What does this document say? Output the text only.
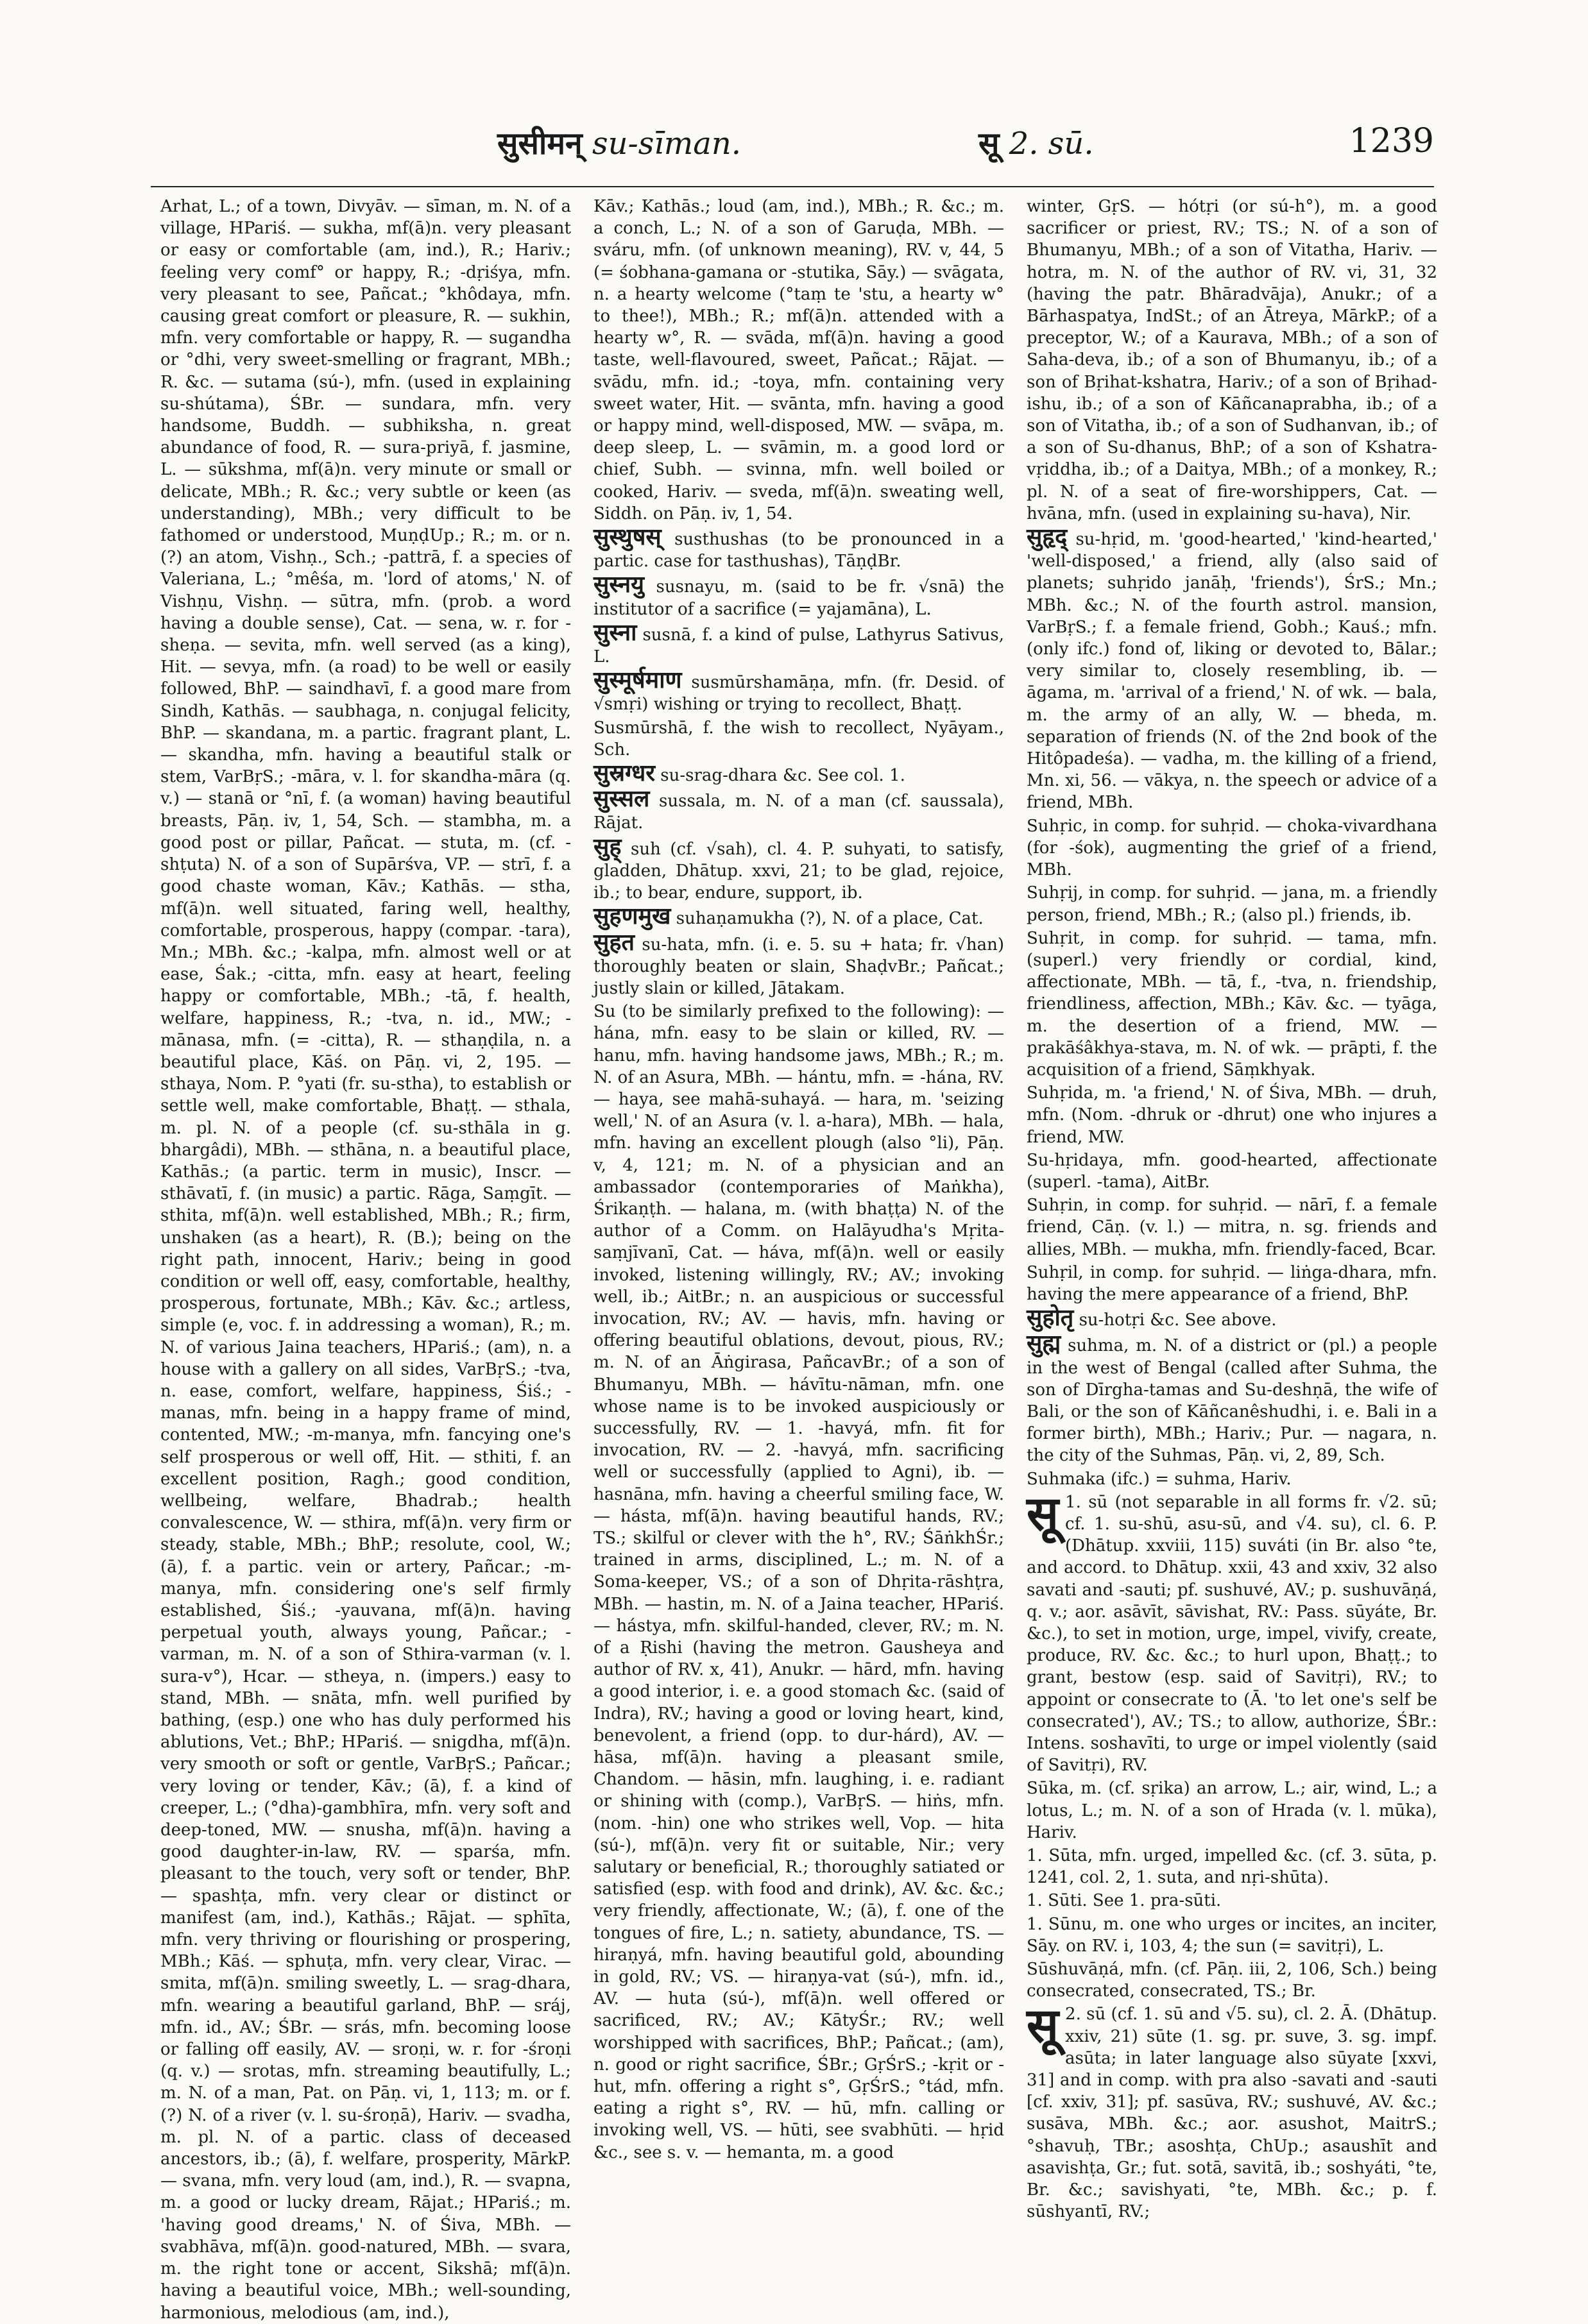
सुसीमन् su-sīman.	सू 2. sū.	1239

Arhat, L.; of a town, Divyāv. — sīman, m. N. of a village, HPariś. — sukha, mf(ā)n. very pleasant or easy or comfortable (am, ind.), R.; Hariv.; feeling very comf° or happy, R.; -dṛiśya, mfn. very pleasant to see, Pañcat.; °khôdaya, mfn. causing great comfort or pleasure, R. — sukhin, mfn. very comfortable or happy, R. — sugandha or °dhi, very sweet-smelling or fragrant, MBh.; R. &c. — sutama (sú-), mfn. (used in explaining su-shútama), ŚBr. — sundara, mfn. very handsome, Buddh. — subhiksha, n. great abundance of food, R. — sura-priyā, f. jasmine, L. — sūkshma, mf(ā)n. very minute or small or delicate, MBh.; R. &c.; very subtle or keen (as understanding), MBh.; very difficult to be fathomed or understood, MuṇḍUp.; R.; m. or n.(?) an atom, Vishṇ., Sch.; -pattrā, f. a species of Valeriana, L.; °mêśa, m. 'lord of atoms,' N. of Vishṇu, Vishṇ. — sūtra, mfn. (prob. a word having a double sense), Cat. — sena, w. r. for -sheṇa. — sevita, mfn. well served (as a king), Hit. — sevya, mfn. (a road) to be well or easily followed, BhP. — saindhavī, f. a good mare from Sindh, Kathās. — saubhaga, n. conjugal felicity, BhP. — skandana, m. a partic. fragrant plant, L. — skandha, mfn. having a beautiful stalk or stem, VarBṛS.; -māra, v. l. for skandha-māra (q. v.) — stanā or °nī, f. (a woman) having beautiful breasts, Pāṇ. iv, 1, 54, Sch. — stambha, m. a good post or pillar, Pañcat. — stuta, m. (cf. -shṭuta) N. of a son of Supārśva, VP. — strī, f. a good chaste woman, Kāv.; Kathās. — stha, mf(ā)n. well situated, faring well, healthy, comfortable, prosperous, happy (compar. -tara), Mn.; MBh. &c.; -kalpa, mfn. almost well or at ease, Śak.; -citta, mfn. easy at heart, feeling happy or comfortable, MBh.; -tā, f. health, welfare, happiness, R.; -tva, n. id., MW.; -mānasa, mfn. (= -citta), R. — sthaṇḍila, n. a beautiful place, Kāś. on Pāṇ. vi, 2, 195. — sthaya, Nom. P. °yati (fr. su-stha), to establish or settle well, make comfortable, Bhaṭṭ. — sthala, m. pl. N. of a people (cf. su-sthāla in g. bhargâdi), MBh. — sthāna, n. a beautiful place, Kathās.; (a partic. term in music), Inscr. — sthāvatī, f. (in music) a partic. Rāga, Saṃgīt. — sthita, mf(ā)n. well established, MBh.; R.; firm, unshaken (as a heart), R. (B.); being on the right path, innocent, Hariv.; being in good condition or well off, easy, comfortable, healthy, prosperous, fortunate, MBh.; Kāv. &c.; artless, simple (e, voc. f. in addressing a woman), R.; m. N. of various Jaina teachers, HPariś.; (am), n. a house with a gallery on all sides, VarBṛS.; -tva, n. ease, comfort, welfare, happiness, Śiś.; -manas, mfn. being in a happy frame of mind, contented, MW.; -m-manya, mfn. fancying one's self prosperous or well off, Hit. — sthiti, f. an excellent position, Ragh.; good condition, wellbeing, welfare, Bhadrab.; health convalescence, W. — sthira, mf(ā)n. very firm or steady, stable, MBh.; BhP.; resolute, cool, W.; (ā), f. a partic. vein or artery, Pañcar.; -m-manya, mfn. considering one's self firmly established, Śiś.; -yauvana, mf(ā)n. having perpetual youth, always young, Pañcar.; -varman, m. N. of a son of Sthira-varman (v. l. sura-v°), Hcar. — stheya, n. (impers.) easy to stand, MBh. — snāta, mfn. well purified by bathing, (esp.) one who has duly performed his ablutions, Vet.; BhP.; HPariś. — snigdha, mf(ā)n. very smooth or soft or gentle, VarBṛS.; Pañcar.; very loving or tender, Kāv.; (ā), f. a kind of creeper, L.; (°dha)-gambhīra, mfn. very soft and deep-toned, MW. — snusha, mf(ā)n. having a good daughter-in-law, RV. — sparśa, mfn. pleasant to the touch, very soft or tender, BhP. — spashṭa, mfn. very clear or distinct or manifest (am, ind.), Kathās.; Rājat. — sphīta, mfn. very thriving or flourishing or prospering, MBh.; Kāś. — sphuṭa, mfn. very clear, Virac. — smita, mf(ā)n. smiling sweetly, L. — srag-dhara, mfn. wearing a beautiful garland, BhP. — sráj, mfn. id., AV.; ŚBr. — srás, mfn. becoming loose or falling off easily, AV. — sroṇi, w. r. for -śroṇi (q. v.) — srotas, mfn. streaming beautifully, L.; m. N. of a man, Pat. on Pāṇ. vi, 1, 113; m. or f. (?) N. of a river (v. l. su-śroṇā), Hariv. — svadha, m. pl. N. of a partic. class of deceased ancestors, ib.; (ā), f. welfare, prosperity, MārkP. — svana, mfn. very loud (am, ind.), R. — svapna, m. a good or lucky dream, Rājat.; HPariś.; m. 'having good dreams,' N. of Śiva, MBh. — svabhāva, mf(ā)n. good-natured, MBh. — svara, m. the right tone or accent, Sikshā; mf(ā)n. having a beautiful voice, MBh.; well-sounding, harmonious, melodious (am, ind.),

Kāv.; Kathās.; loud (am, ind.), MBh.; R. &c.; m. a conch, L.; N. of a son of Garuḍa, MBh. — sváru, mfn. (of unknown meaning), RV. v, 44, 5 (= śobhana-gamana or -stutika, Sāy.) — svāgata, n. a hearty welcome (°taṃ te 'stu, a hearty w° to thee!), MBh.; R.; mf(ā)n. attended with a hearty w°, R. — svāda, mf(ā)n. having a good taste, well-flavoured, sweet, Pañcat.; Rājat. — svādu, mfn. id.; -toya, mfn. containing very sweet water, Hit. — svānta, mfn. having a good or happy mind, well-disposed, MW. — svāpa, m. deep sleep, L. — svāmin, m. a good lord or chief, Subh. — svinna, mfn. well boiled or cooked, Hariv. — sveda, mf(ā)n. sweating well, Siddh. on Pāṇ. iv, 1, 54.

सुस्थुषस् susthushas (to be pronounced in a partic. case for tasthushas), TāṇḍBr.

सुस्नयु susnayu, m. (said to be fr. √snā) the institutor of a sacrifice (= yajamāna), L.

सुस्ना susnā, f. a kind of pulse, Lathyrus Sativus, L.

सुस्मूर्षमाण susmūrshamāṇa, mfn. (fr. Desid. of √smṛi) wishing or trying to recollect, Bhaṭṭ.

Susmūrshā, f. the wish to recollect, Nyāyam., Sch.

सुस्रग्धर su-srag-dhara &c. See col. 1.

सुस्सल sussala, m. N. of a man (cf. saussala), Rājat.

सुह् suh (cf. √sah), cl. 4. P. suhyati, to satisfy, gladden, Dhātup. xxvi, 21; to be glad, rejoice, ib.; to bear, endure, support, ib.

सुहणमुख suhaṇamukha (?), N. of a place, Cat.

सुहत su-hata, mfn. (i. e. 5. su + hata; fr. √han) thoroughly beaten or slain, ShaḍvBr.; Pañcat.; justly slain or killed, Jātakam.

Su (to be similarly prefixed to the following): — hána, mfn. easy to be slain or killed, RV. — hanu, mfn. having handsome jaws, MBh.; R.; m. N. of an Asura, MBh. — hántu, mfn. = -hána, RV. — haya, see mahā-suhayá. — hara, m. 'seizing well,' N. of an Asura (v. l. a-hara), MBh. — hala, mfn. having an excellent plough (also °li), Pāṇ. v, 4, 121; m. N. of a physician and an ambassador (contemporaries of Maṅkha), Śrikaṇṭh. — halana, m. (with bhaṭṭa) N. of the author of a Comm. on Halāyudha's Mṛita-saṃjīvanī, Cat. — háva, mf(ā)n. well or easily invoked, listening willingly, RV.; AV.; invoking well, ib.; AitBr.; n. an auspicious or successful invocation, RV.; AV. — havis, mfn. having or offering beautiful oblations, devout, pious, RV.; m. N. of an Āṅgirasa, PañcavBr.; of a son of Bhumanyu, MBh. — hávītu-nāman, mfn. one whose name is to be invoked auspiciously or successfully, RV. — 1. -havyá, mfn. fit for invocation, RV. — 2. -havyá, mfn. sacrificing well or successfully (applied to Agni), ib. — hasnāna, mfn. having a cheerful smiling face, W. — hásta, mf(ā)n. having beautiful hands, RV.; TS.; skilful or clever with the h°, RV.; ŚāṅkhŚr.; trained in arms, disciplined, L.; m. N. of a Soma-keeper, VS.; of a son of Dhṛita-rāshṭra, MBh. — hastin, m. N. of a Jaina teacher, HPariś. — hástya, mfn. skilful-handed, clever, RV.; m. N. of a Ṛishi (having the metron. Gausheya and author of RV. x, 41), Anukr. — hārd, mfn. having a good interior, i. e. a good stomach &c. (said of Indra), RV.; having a good or loving heart, kind, benevolent, a friend (opp. to dur-hárd), AV. — hāsa, mf(ā)n. having a pleasant smile, Chandom. — hāsin, mfn. laughing, i. e. radiant or shining with (comp.), VarBṛS. — hiṅs, mfn. (nom. -hin) one who strikes well, Vop. — hita (sú-), mf(ā)n. very fit or suitable, Nir.; very salutary or beneficial, R.; thoroughly satiated or satisfied (esp. with food and drink), AV. &c. &c.; very friendly, affectionate, W.; (ā), f. one of the tongues of fire, L.; n. satiety, abundance, TS. — hiraṇyá, mfn. having beautiful gold, abounding in gold, RV.; VS. — hiraṇya-vat (sú-), mfn. id., AV. — huta (sú-), mf(ā)n. well offered or sacrificed, RV.; AV.; KātyŚr.; RV.; well worshipped with sacrifices, BhP.; Pañcat.; (am), n. good or right sacrifice, ŚBr.; GṛŚrS.; -kṛit or -hut, mfn. offering a right s°, GṛŚrS.; °tád, mfn. eating a right s°, RV. — hū, mfn. calling or invoking well, VS. — hūti, see svabhūti. — hṛid &c., see s. v. — hemanta, m. a good

winter, GṛS. — hótṛi (or sú-h°), m. a good sacrificer or priest, RV.; TS.; N. of a son of Bhumanyu, MBh.; of a son of Vitatha, Hariv. — hotra, m. N. of the author of RV. vi, 31, 32 (having the patr. Bhāradvāja), Anukr.; of a Bārhaspatya, IndSt.; of an Ātreya, MārkP.; of a preceptor, W.; of a Kaurava, MBh.; of a son of Saha-deva, ib.; of a son of Bhumanyu, ib.; of a son of Bṛihat-kshatra, Hariv.; of a son of Bṛihad-ishu, ib.; of a son of Kāñcanaprabha, ib.; of a son of Vitatha, ib.; of a son of Sudhanvan, ib.; of a son of Su-dhanus, BhP.; of a son of Kshatra-vṛiddha, ib.; of a Daitya, MBh.; of a monkey, R.; pl. N. of a seat of fire-worshippers, Cat. — hvāna, mfn. (used in explaining su-hava), Nir.

सुहृद् su-hṛid, m. 'good-hearted,' 'kind-hearted,' 'well-disposed,' a friend, ally (also said of planets; suhṛido janāḥ, 'friends'), ŚrS.; Mn.; MBh. &c.; N. of the fourth astrol. mansion, VarBṛS.; f. a female friend, Gobh.; Kauś.; mfn. (only ifc.) fond of, liking or devoted to, Bālar.; very similar to, closely resembling, ib. — āgama, m. 'arrival of a friend,' N. of wk. — bala, m. the army of an ally, W. — bheda, m. separation of friends (N. of the 2nd book of the Hitôpadeśa). — vadha, m. the killing of a friend, Mn. xi, 56. — vākya, n. the speech or advice of a friend, MBh.

Suhṛic, in comp. for suhṛid. — choka-vivardhana (for -śok), augmenting the grief of a friend, MBh.

Suhṛij, in comp. for suhṛid. — jana, m. a friendly person, friend, MBh.; R.; (also pl.) friends, ib.

Suhṛit, in comp. for suhṛid. — tama, mfn. (superl.) very friendly or cordial, kind, affectionate, MBh. — tā, f., -tva, n. friendship, friendliness, affection, MBh.; Kāv. &c. — tyāga, m. the desertion of a friend, MW. — prakāśâkhya-stava, m. N. of wk. — prāpti, f. the acquisition of a friend, Sāṃkhyak.

Suhṛida, m. 'a friend,' N. of Śiva, MBh. — druh, mfn. (Nom. -dhruk or -dhrut) one who injures a friend, MW.

Su-hṛidaya, mfn. good-hearted, affectionate (superl. -tama), AitBr.

Suhṛin, in comp. for suhṛid. — nārī, f. a female friend, Cāṇ. (v. l.) — mitra, n. sg. friends and allies, MBh. — mukha, mfn. friendly-faced, Bcar.

Suhṛil, in comp. for suhṛid. — liṅga-dhara, mfn. having the mere appearance of a friend, BhP.

सुहोतृ su-hotṛi &c. See above.

सुह्म suhma, m. N. of a district or (pl.) a people in the west of Bengal (called after Suhma, the son of Dīrgha-tamas and Su-deshṇā, the wife of Bali, or the son of Kāñcanêshudhi, i. e. Bali in a former birth), MBh.; Hariv.; Pur. — nagara, n. the city of the Suhmas, Pāṇ. vi, 2, 89, Sch.

Suhmaka (ifc.) = suhma, Hariv.

सू 1. sū (not separable in all forms fr. √2. sū; cf. 1. su-shū, asu-sū, and √4. su), cl. 6. P. (Dhātup. xxviii, 115) suváti (in Br. also °te, and accord. to Dhātup. xxii, 43 and xxiv, 32 also savati and -sauti; pf. sushuvé, AV.; p. sushuvāṇá, q. v.; aor. asāvīt, sāvishat, RV.: Pass. sūyáte, Br. &c.), to set in motion, urge, impel, vivify, create, produce, RV. &c. &c.; to hurl upon, Bhaṭṭ.; to grant, bestow (esp. said of Savitṛi), RV.; to appoint or consecrate to (Ā. 'to let one's self be consecrated'), AV.; TS.; to allow, authorize, ŚBr.: Intens. soshavīti, to urge or impel violently (said of Savitṛi), RV.

Sūka, m. (cf. sṛika) an arrow, L.; air, wind, L.; a lotus, L.; m. N. of a son of Hrada (v. l. mūka), Hariv.

1. Sūta, mfn. urged, impelled &c. (cf. 3. sūta, p. 1241, col. 2, 1. suta, and nṛi-shūta).

1. Sūti. See 1. pra-sūti.

1. Sūnu, m. one who urges or incites, an inciter, Sāy. on RV. i, 103, 4; the sun (= savitṛi), L.

Sūshuvāṇá, mfn. (cf. Pāṇ. iii, 2, 106, Sch.) being consecrated, consecrated, TS.; Br.

सू 2. sū (cf. 1. sū and √5. su), cl. 2. Ā. (Dhātup. xxiv, 21) sūte (1. sg. pr. suve, 3. sg. impf. asūta; in later language also sūyate [xxvi, 31] and in comp. with pra also -savati and -sauti [cf. xxiv, 31]; pf. sasūva, RV.; sushuvé, AV. &c.; susāva, MBh. &c.; aor. asushot, MaitrS.; °shavuḥ, TBr.; asoshṭa, ChUp.; asaushīt and asavishṭa, Gr.; fut. sotā, savitā, ib.; soshyáti, °te, Br. &c.; savishyati, °te, MBh. &c.; p. f. sūshyantī, RV.;
